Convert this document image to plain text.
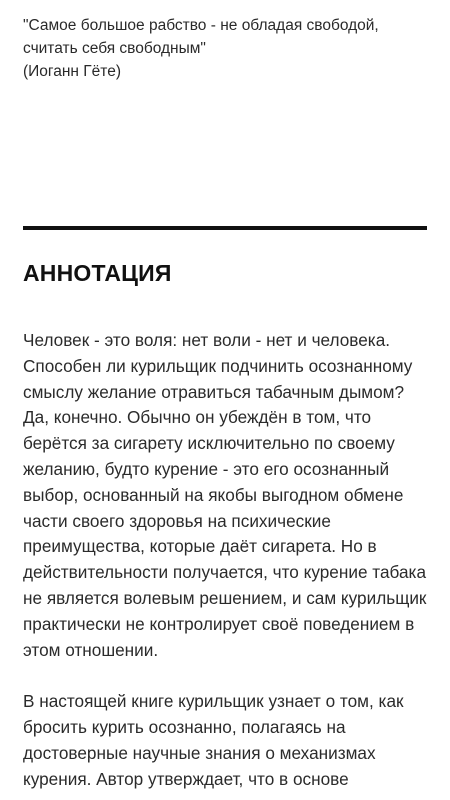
"Самое большое рабство - не обладая свободой, считать себя свободным"

(Иоганн Гёте)

АННОТАЦИЯ

Человек - это воля: нет воли - нет и человека. Способен ли курильщик подчинить осознанному смыслу желание отравиться табачным дымом? Да, конечно. Обычно он убеждён в том, что берётся за сигарету исключительно по своему желанию, будто курение - это его осознанный выбор, основанный на якобы выгодном обмене части своего здоровья на психические преимущества, которые даёт сигарета. Но в действительности получается, что курение табака не является волевым решением, и сам курильщик практически не контролирует своё поведением в этом отношении.

В настоящей книге курильщик узнает о том, как бросить курить осознанно, полагаясь на достоверные научные знания о механизмах курения. Автор утверждает, что в основе
